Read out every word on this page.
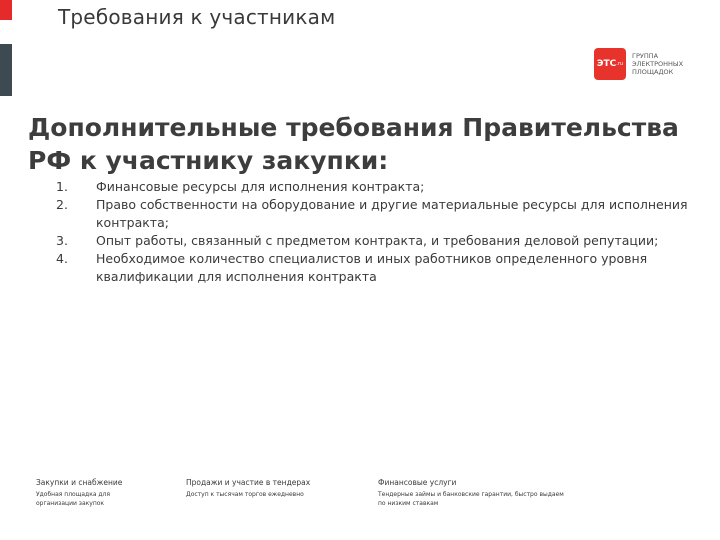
Требования к участникам
ЭТС .ru
ГРУППА ЭЛЕКТРОННЫХ ПЛОЩАДОК
Дополнительные требования Правительства РФ к участнику закупки:
1.	Финансовые ресурсы для исполнения контракта;
2.	Право собственности на оборудование и другие материальные ресурсы для исполнения контракта;
3.	Опыт работы, связанный с предметом контракта, и требования деловой репутации;
4.	Необходимое количество специалистов и иных работников определенного уровня квалификации для исполнения контракта
Закупки и снабжение
Удобная площадка для организации закупок
Продажи и участие в тендерах
Доступ к тысячам торгов ежедневно
Финансовые услуги
Тендерные займы и банковские гарантии, быстро выдаем по низким ставкам
